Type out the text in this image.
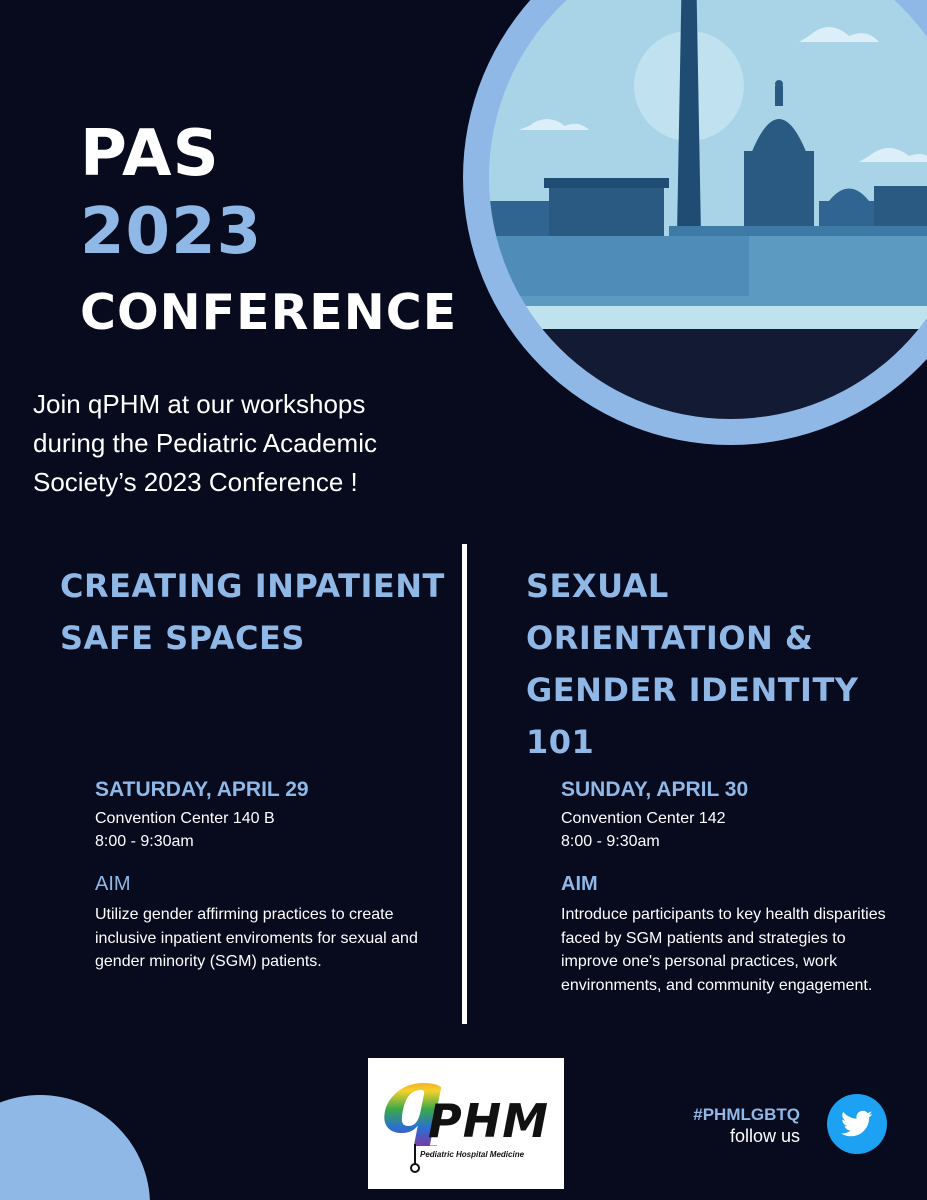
PAS
2023
CONFERENCE
Join qPHM at our workshops during the Pediatric Academic Society’s 2023 Conference !
CREATING INPATIENT SAFE SPACES
SATURDAY, APRIL 29
Convention Center 140 B
8:00 - 9:30am
AIM
Utilize gender affirming practices to create inclusive inpatient enviroments for sexual and gender minority (SGM) patients.
SEXUAL ORIENTATION & GENDER IDENTITY 101
SUNDAY, APRIL 30
Convention Center 142
8:00 - 9:30am
AIM
Introduce participants to key health disparities faced by SGM patients and strategies to improve one's personal practices, work environments, and community engagement.
q
PHM
Pediatric Hospital Medicine
#PHMLGBTQ
follow us
